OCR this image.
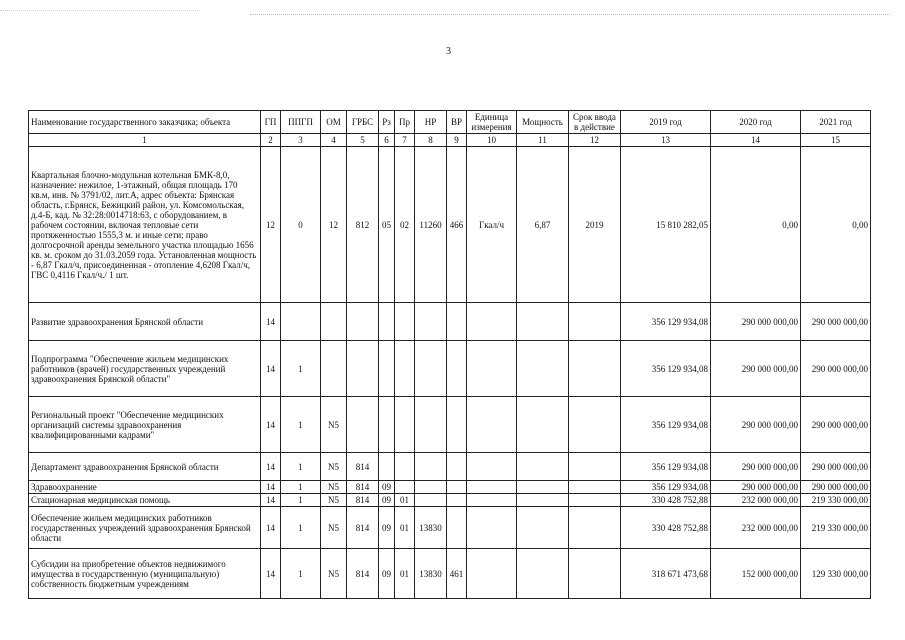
3
Наименование государственного заказчика; объекта	ГП	ППГП	ОМ	ГРБС	Рз	Пр	НР	ВР	Единица измерения	Мощность	Срок ввода в действие	2019 год	2020 год	2021 год
1	2	3	4	5	6	7	8	9	10	11	12	13	14	15
Квартальная блочно-модульная котельная БМК-8,0, назначение: нежилое, 1-этажный, общая площадь 170 кв.м, инв. № 3791/02, лит.А, адрес объекта: Брянская область, г.Брянск, Бежицкий район, ул. Комсомольская, д.4-Б, кад. № 32:28:0014718:63, с оборудованием, в рабочем состоянии, включая тепловые сети протяженностью 1555,3 м. и иные сети; право долгосрочной аренды земельного участка площадью 1656 кв. м. сроком до 31.03.2059 года. Установленная мощность - 6,87 Гкал/ч, присоединенная - отопление 4,6208 Гкал/ч, ГВС 0,4116 Гкал/ч./ 1 шт.	12	0	12	812	05	02	11260	466	Гкал/ч	6,87	2019	15 810 282,05	0,00	0,00
Развитие здравоохранения Брянской области	14											356 129 934,08	290 000 000,00	290 000 000,00
Подпрограмма "Обеспечение жильем медицинских работников (врачей) государственных учреждений здравоохранения Брянской области"	14	1										356 129 934,08	290 000 000,00	290 000 000,00
Региональный проект "Обеспечение медицинских организаций системы здравоохранения квалифицированными кадрами"	14	1	N5									356 129 934,08	290 000 000,00	290 000 000,00
Департамент здравоохранения Брянской области	14	1	N5	814								356 129 934,08	290 000 000,00	290 000 000,00
Здравоохранение	14	1	N5	814	09							356 129 934,08	290 000 000,00	290 000 000,00
Стационарная медицинская помощь	14	1	N5	814	09	01						330 428 752,88	232 000 000,00	219 330 000,00
Обеспечение жильем медицинских работников государственных учреждений здравоохранения Брянской области	14	1	N5	814	09	01	13830					330 428 752,88	232 000 000,00	219 330 000,00
Субсидии на приобретение объектов недвижимого имущества в государственную (муниципальную) собственность бюджетным учреждениям	14	1	N5	814	09	01	13830	461				318 671 473,68	152 000 000,00	129 330 000,00
